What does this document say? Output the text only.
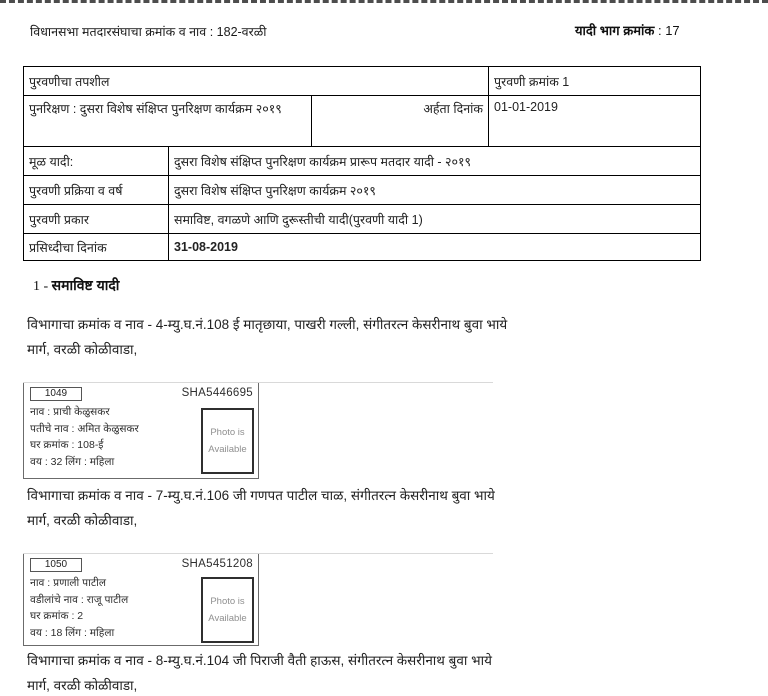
विधानसभा मतदारसंघाचा क्रमांक व नाव : 182-वरळी	यादी भाग क्रमांक : 17
पुरवणीचा तपशील	पुरवणी क्रमांक 1
पुनरिक्षण : दुसरा विशेष संक्षिप्त पुनरिक्षण कार्यक्रम २०१९	अर्हता दिनांक 01-01-2019
मूळ यादी:	दुसरा विशेष संक्षिप्त पुनरिक्षण कार्यक्रम प्रारूप मतदार यादी - २०१९
पुरवणी प्रक्रिया व वर्ष	दुसरा विशेष संक्षिप्त पुनरिक्षण कार्यक्रम २०१९
पुरवणी प्रकार	समाविष्ट, वगळणे आणि दुरूस्तीची यादी(पुरवणी यादी 1)
प्रसिध्दीचा दिनांक	31-08-2019
1 - समाविष्ट यादी
विभागाचा क्रमांक व नाव - 4-म्यु.घ.नं.108 ई मातृछाया, पाखरी गल्ली, संगीतरत्न केसरीनाथ बुवा भाये मार्ग, वरळी कोळीवाडा,
1049	SHA5446695
नाव : प्राची केळुसकर
पतीचे नाव : अमित केळुसकर
घर क्रमांक : 108-ई
वय : 32 लिंग : महिला
Photo is Available
विभागाचा क्रमांक व नाव - 7-म्यु.घ.नं.106 जी गणपत पाटील चाळ, संगीतरत्न केसरीनाथ बुवा भाये मार्ग, वरळी कोळीवाडा,
1050	SHA5451208
नाव : प्रणाली पाटील
वडीलांचे नाव : राजू पाटील
घर क्रमांक : 2
वय : 18 लिंग : महिला
Photo is Available
विभागाचा क्रमांक व नाव - 8-म्यु.घ.नं.104 जी पिराजी वैती हाऊस, संगीतरत्न केसरीनाथ बुवा भाये मार्ग, वरळी कोळीवाडा,
